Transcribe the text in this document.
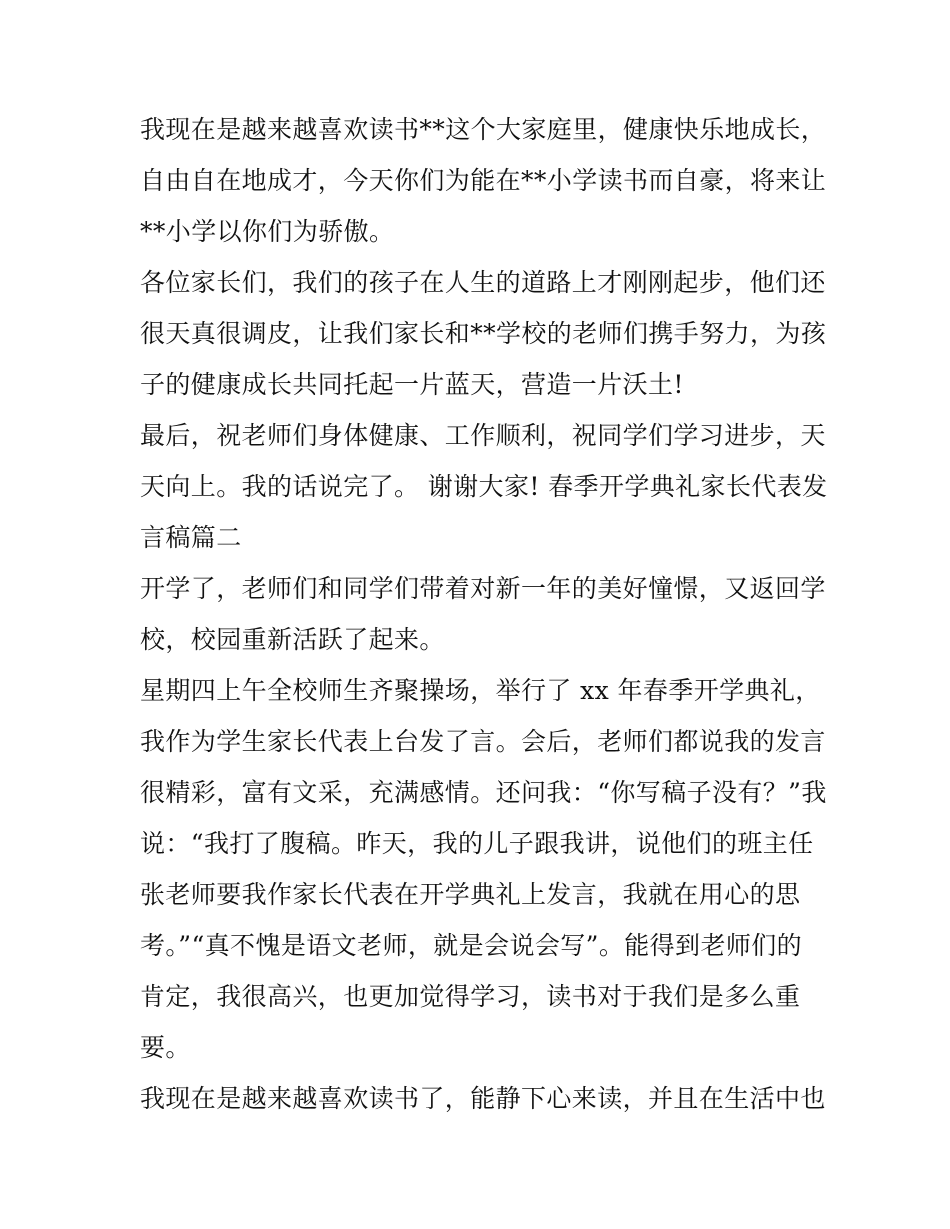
我现在是越来越喜欢读书**这个大家庭里，健康快乐地成长，
自由自在地成才，今天你们为能在**小学读书而自豪，将来让
**小学以你们为骄傲。
各位家长们，我们的孩子在人生的道路上才刚刚起步，他们还
很天真很调皮，让我们家长和**学校的老师们携手努力，为孩
子的健康成长共同托起一片蓝天，营造一片沃土!
最后，祝老师们身体健康、工作顺利，祝同学们学习进步，天
天向上。我的话说完了。 谢谢大家! 春季开学典礼家长代表发
言稿篇二
开学了，老师们和同学们带着对新一年的美好憧憬，又返回学
校，校园重新活跃了起来。
星期四上午全校师生齐聚操场，举行了 xx 年春季开学典礼，
我作为学生家长代表上台发了言。会后，老师们都说我的发言
很精彩，富有文采，充满感情。还问我：“你写稿子没有？”我
说：“我打了腹稿。昨天，我的儿子跟我讲，说他们的班主任
张老师要我作家长代表在开学典礼上发言，我就在用心的思
考。”“真不愧是语文老师，就是会说会写”。能得到老师们的
肯定，我很高兴，也更加觉得学习，读书对于我们是多么重
要。
我现在是越来越喜欢读书了，能静下心来读，并且在生活中也
